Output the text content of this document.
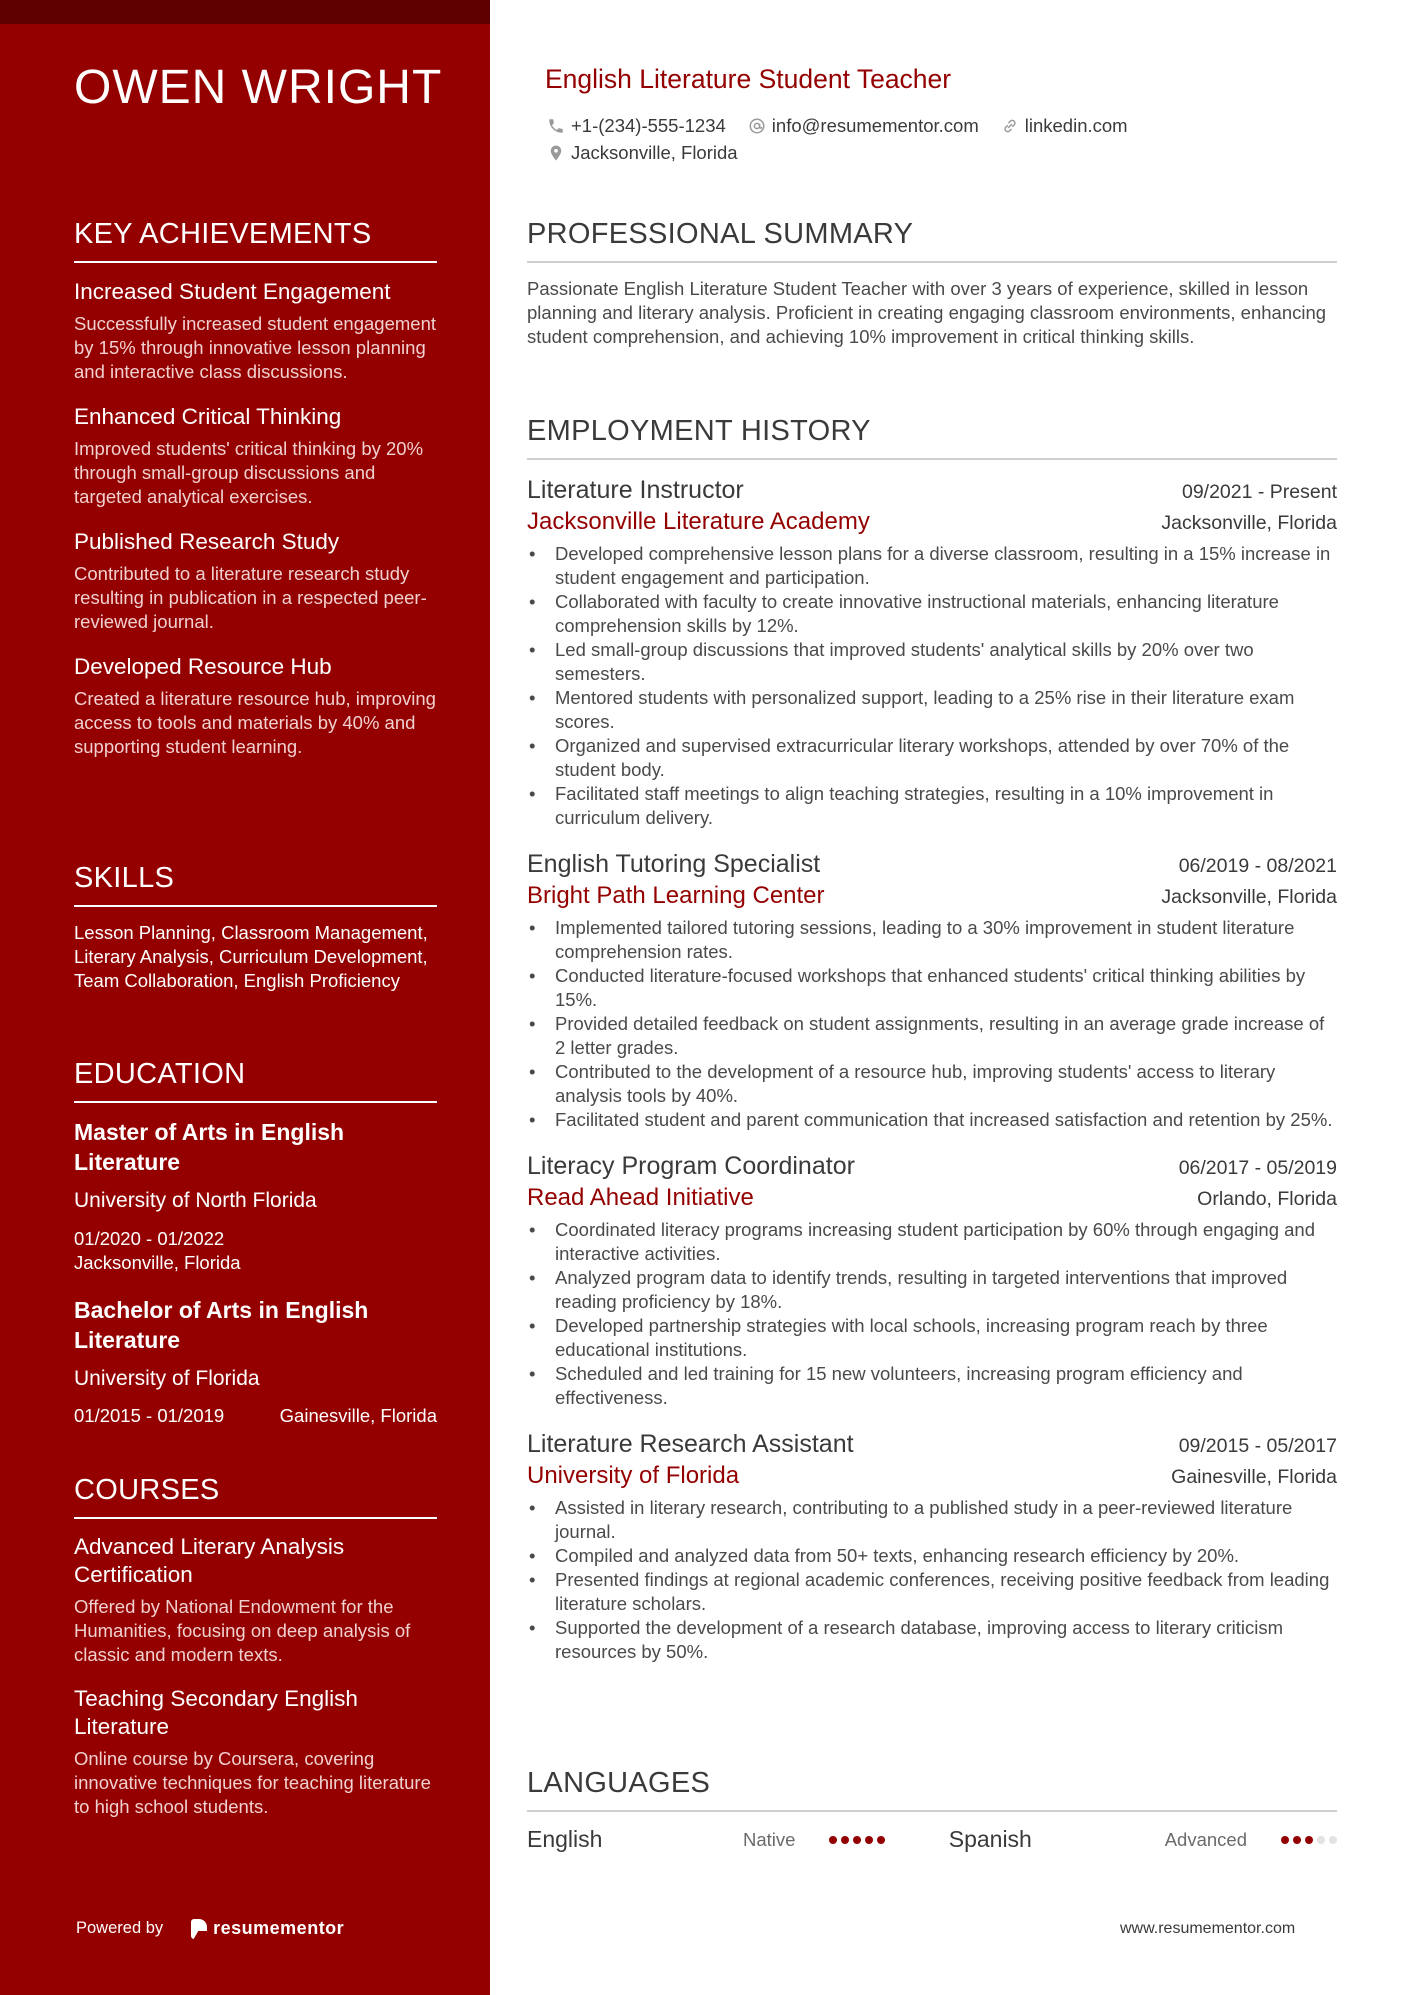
OWEN WRIGHT
KEY ACHIEVEMENTS
Increased Student Engagement
Successfully increased student engagement by 15% through innovative lesson planning and interactive class discussions.
Enhanced Critical Thinking
Improved students' critical thinking by 20% through small-group discussions and targeted analytical exercises.
Published Research Study
Contributed to a literature research study resulting in publication in a respected peer-reviewed journal.
Developed Resource Hub
Created a literature resource hub, improving access to tools and materials by 40% and supporting student learning.
SKILLS
Lesson Planning, Classroom Management, Literary Analysis, Curriculum Development, Team Collaboration, English Proficiency
EDUCATION
Master of Arts in English Literature
University of North Florida
01/2020 - 01/2022
Jacksonville, Florida
Bachelor of Arts in English Literature
University of Florida
01/2015 - 01/2019	Gainesville, Florida
COURSES
Advanced Literary Analysis Certification
Offered by National Endowment for the Humanities, focusing on deep analysis of classic and modern texts.
Teaching Secondary English Literature
Online course by Coursera, covering innovative techniques for teaching literature to high school students.
Powered by	resumementor
English Literature Student Teacher
+1-(234)-555-1234 info@resumementor.com linkedin.com
Jacksonville, Florida
PROFESSIONAL SUMMARY
Passionate English Literature Student Teacher with over 3 years of experience, skilled in lesson planning and literary analysis. Proficient in creating engaging classroom environments, enhancing student comprehension, and achieving 10% improvement in critical thinking skills.
EMPLOYMENT HISTORY
Literature Instructor	09/2021 - Present
Jacksonville Literature Academy	Jacksonville, Florida
• Developed comprehensive lesson plans for a diverse classroom, resulting in a 15% increase in student engagement and participation.
• Collaborated with faculty to create innovative instructional materials, enhancing literature comprehension skills by 12%.
• Led small-group discussions that improved students' analytical skills by 20% over two semesters.
• Mentored students with personalized support, leading to a 25% rise in their literature exam scores.
• Organized and supervised extracurricular literary workshops, attended by over 70% of the student body.
• Facilitated staff meetings to align teaching strategies, resulting in a 10% improvement in curriculum delivery.
English Tutoring Specialist	06/2019 - 08/2021
Bright Path Learning Center	Jacksonville, Florida
• Implemented tailored tutoring sessions, leading to a 30% improvement in student literature comprehension rates.
• Conducted literature-focused workshops that enhanced students' critical thinking abilities by 15%.
• Provided detailed feedback on student assignments, resulting in an average grade increase of 2 letter grades.
• Contributed to the development of a resource hub, improving students' access to literary analysis tools by 40%.
• Facilitated student and parent communication that increased satisfaction and retention by 25%.
Literacy Program Coordinator	06/2017 - 05/2019
Read Ahead Initiative	Orlando, Florida
• Coordinated literacy programs increasing student participation by 60% through engaging and interactive activities.
• Analyzed program data to identify trends, resulting in targeted interventions that improved reading proficiency by 18%.
• Developed partnership strategies with local schools, increasing program reach by three educational institutions.
• Scheduled and led training for 15 new volunteers, increasing program efficiency and effectiveness.
Literature Research Assistant	09/2015 - 05/2017
University of Florida	Gainesville, Florida
• Assisted in literary research, contributing to a published study in a peer-reviewed literature journal.
• Compiled and analyzed data from 50+ texts, enhancing research efficiency by 20%.
• Presented findings at regional academic conferences, receiving positive feedback from leading literature scholars.
• Supported the development of a research database, improving access to literary criticism resources by 50%.
LANGUAGES
English	Native	Spanish	Advanced
www.resumementor.com
